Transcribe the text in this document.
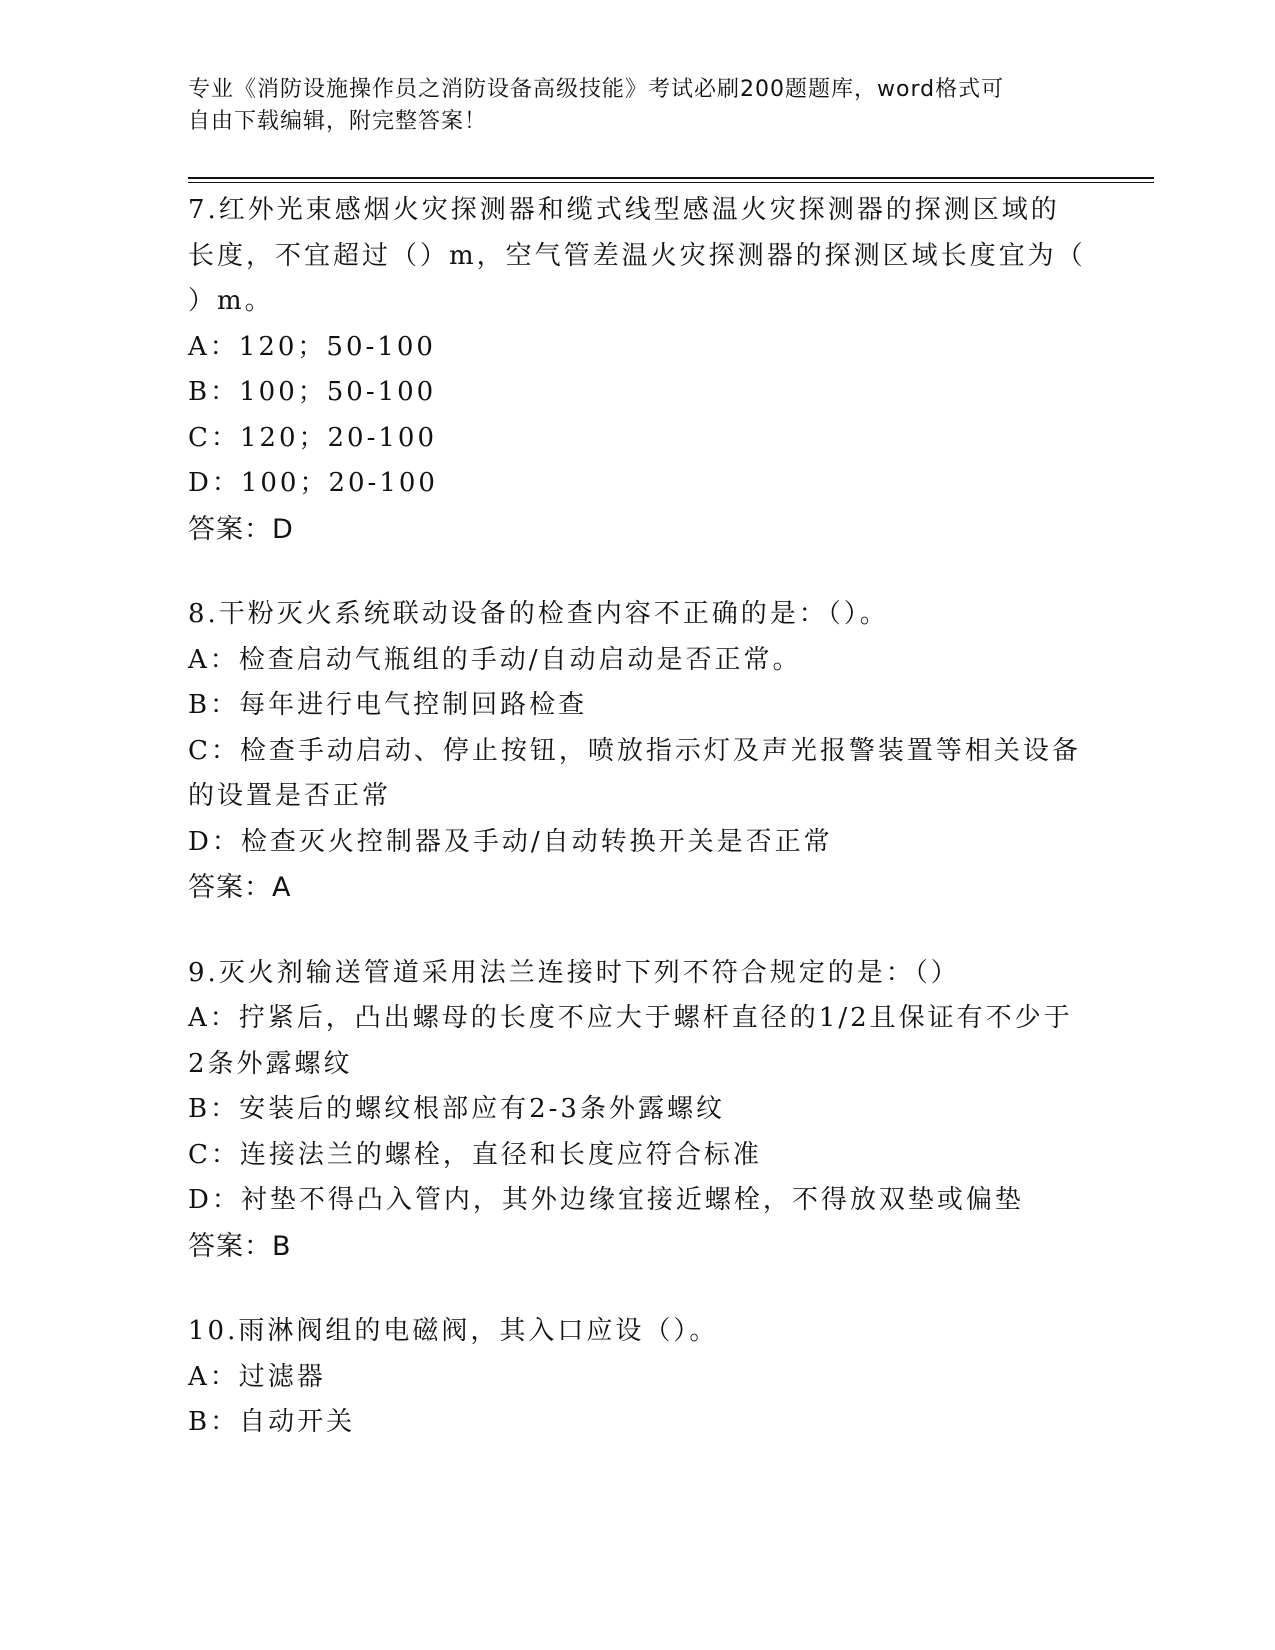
专业《消防设施操作员之消防设备高级技能》考试必刷200题题库，word格式可
自由下载编辑，附完整答案！
7.红外光束感烟火灾探测器和缆式线型感温火灾探测器的探测区域的
长度，不宜超过（）m，空气管差温火灾探测器的探测区域长度宜为（
）m。
A：120；50-100
B：100；50-100
C：120；20-100
D：100；20-100
答案：D
8.干粉灭火系统联动设备的检查内容不正确的是：（）。
A：检查启动气瓶组的手动/自动启动是否正常。
B：每年进行电气控制回路检查
C：检查手动启动、停止按钮，喷放指示灯及声光报警装置等相关设备
的设置是否正常
D：检查灭火控制器及手动/自动转换开关是否正常
答案：A
9.灭火剂输送管道采用法兰连接时下列不符合规定的是：（）
A：拧紧后，凸出螺母的长度不应大于螺杆直径的1/2且保证有不少于
2条外露螺纹
B：安装后的螺纹根部应有2-3条外露螺纹
C：连接法兰的螺栓，直径和长度应符合标准
D：衬垫不得凸入管内，其外边缘宜接近螺栓，不得放双垫或偏垫
答案：B
10.雨淋阀组的电磁阀，其入口应设（）。
A：过滤器
B：自动开关
